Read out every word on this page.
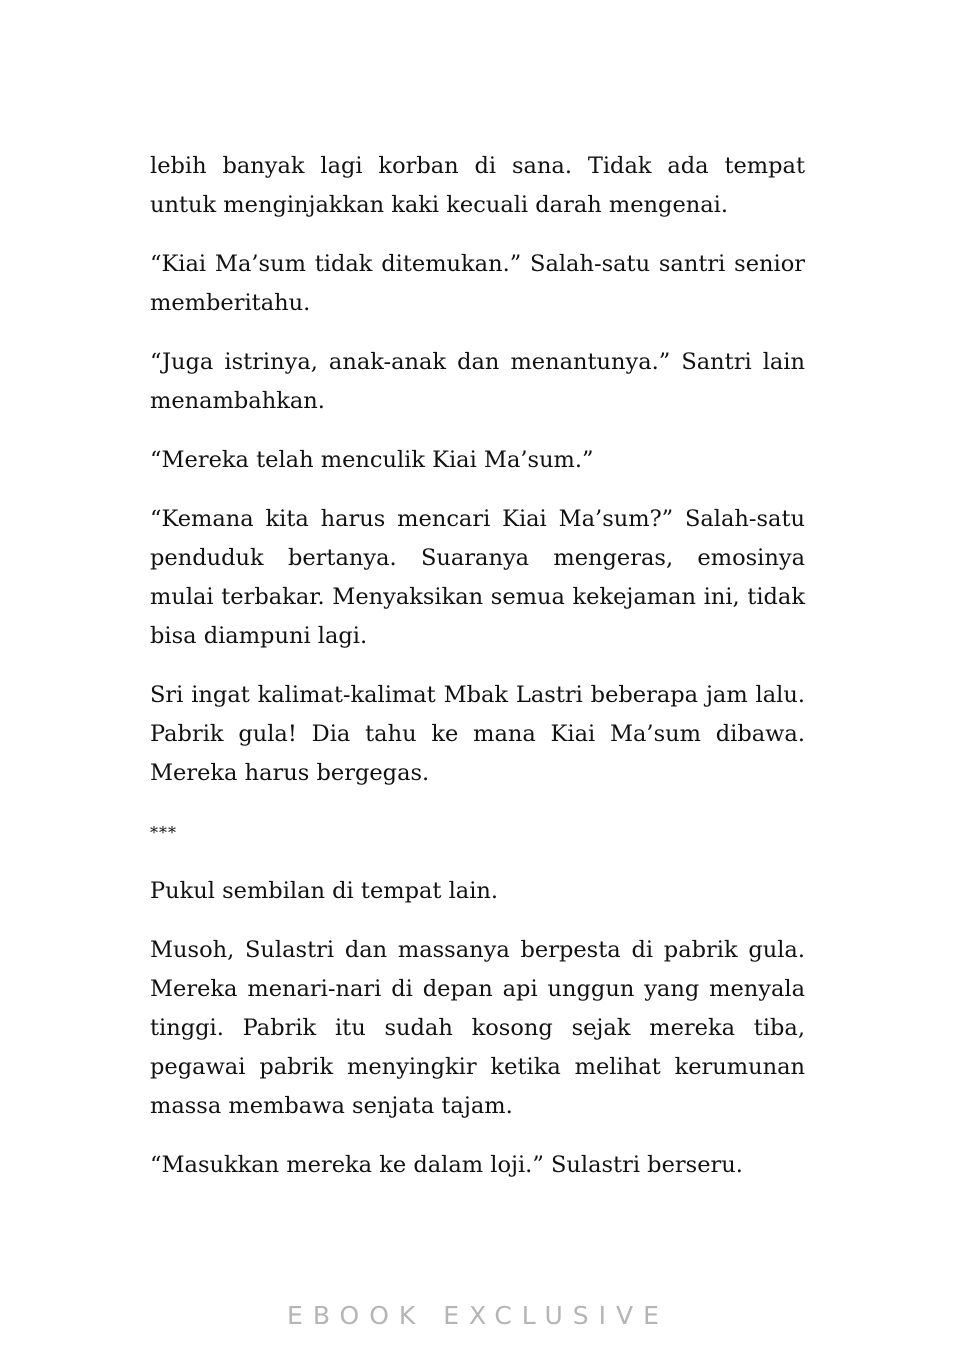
lebih banyak lagi korban di sana. Tidak ada tempat untuk menginjakkan kaki kecuali darah mengenai.

“Kiai Ma’sum tidak ditemukan.” Salah-satu santri senior memberitahu.

“Juga istrinya, anak-anak dan menantunya.” Santri lain menambahkan.

“Mereka telah menculik Kiai Ma’sum.”

“Kemana kita harus mencari Kiai Ma’sum?” Salah-satu penduduk bertanya. Suaranya mengeras, emosinya mulai terbakar. Menyaksikan semua kekejaman ini, tidak bisa diampuni lagi.

Sri ingat kalimat-kalimat Mbak Lastri beberapa jam lalu. Pabrik gula! Dia tahu ke mana Kiai Ma’sum dibawa. Mereka harus bergegas.

***

Pukul sembilan di tempat lain.

Musoh, Sulastri dan massanya berpesta di pabrik gula. Mereka menari-nari di depan api unggun yang menyala tinggi. Pabrik itu sudah kosong sejak mereka tiba, pegawai pabrik menyingkir ketika melihat kerumunan massa membawa senjata tajam.

“Masukkan mereka ke dalam loji.” Sulastri berseru.

EBOOK EXCLUSIVE
